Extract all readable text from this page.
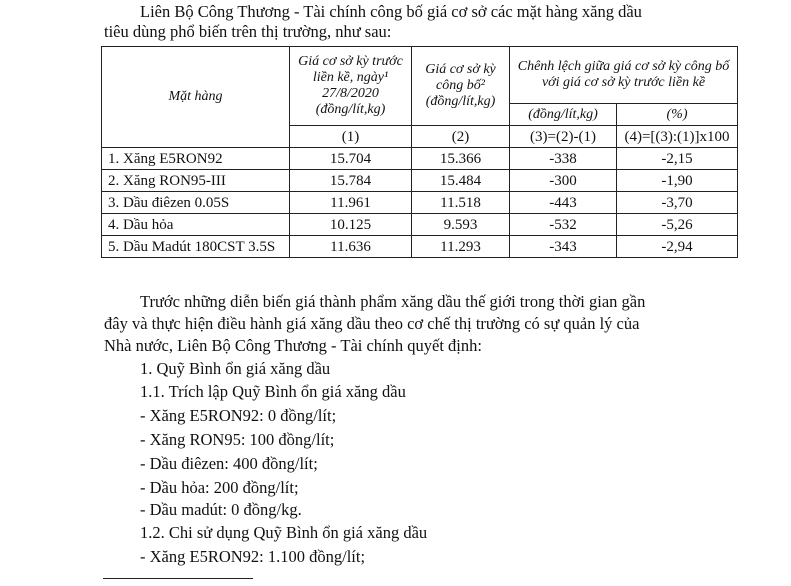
Liên Bộ Công Thương - Tài chính công bố giá cơ sở các mặt hàng xăng dầu
tiêu dùng phổ biến trên thị trường, như sau:
Mặt hàng	Giá cơ sở kỳ trước liền kề, ngày¹ 27/8/2020 (đồng/lít,kg)	Giá cơ sở kỳ công bố² (đồng/lít,kg)	Chênh lệch giữa giá cơ sở kỳ công bố với giá cơ sở kỳ trước liền kề	
			(đồng/lít,kg)	(%)
	(1)	(2)	(3)=(2)-(1)	(4)=[(3):(1)]x100
1. Xăng E5RON92	15.704	15.366	-338	-2,15
2. Xăng RON95-III	15.784	15.484	-300	-1,90
3. Dầu điêzen 0.05S	11.961	11.518	-443	-3,70
4. Dầu hỏa	10.125	9.593	-532	-5,26
5. Dầu Madút 180CST 3.5S	11.636	11.293	-343	-2,94
Trước những diễn biến giá thành phẩm xăng dầu thế giới trong thời gian gần
đây và thực hiện điều hành giá xăng dầu theo cơ chế thị trường có sự quản lý của
Nhà nước, Liên Bộ Công Thương - Tài chính quyết định:
1. Quỹ Bình ổn giá xăng dầu
1.1. Trích lập Quỹ Bình ổn giá xăng dầu
- Xăng E5RON92: 0 đồng/lít;
- Xăng RON95: 100 đồng/lít;
- Dầu điêzen: 400 đồng/lít;
- Dầu hỏa: 200 đồng/lít;
- Dầu madút: 0 đồng/kg.
1.2. Chi sử dụng Quỹ Bình ổn giá xăng dầu
- Xăng E5RON92: 1.100 đồng/lít;
